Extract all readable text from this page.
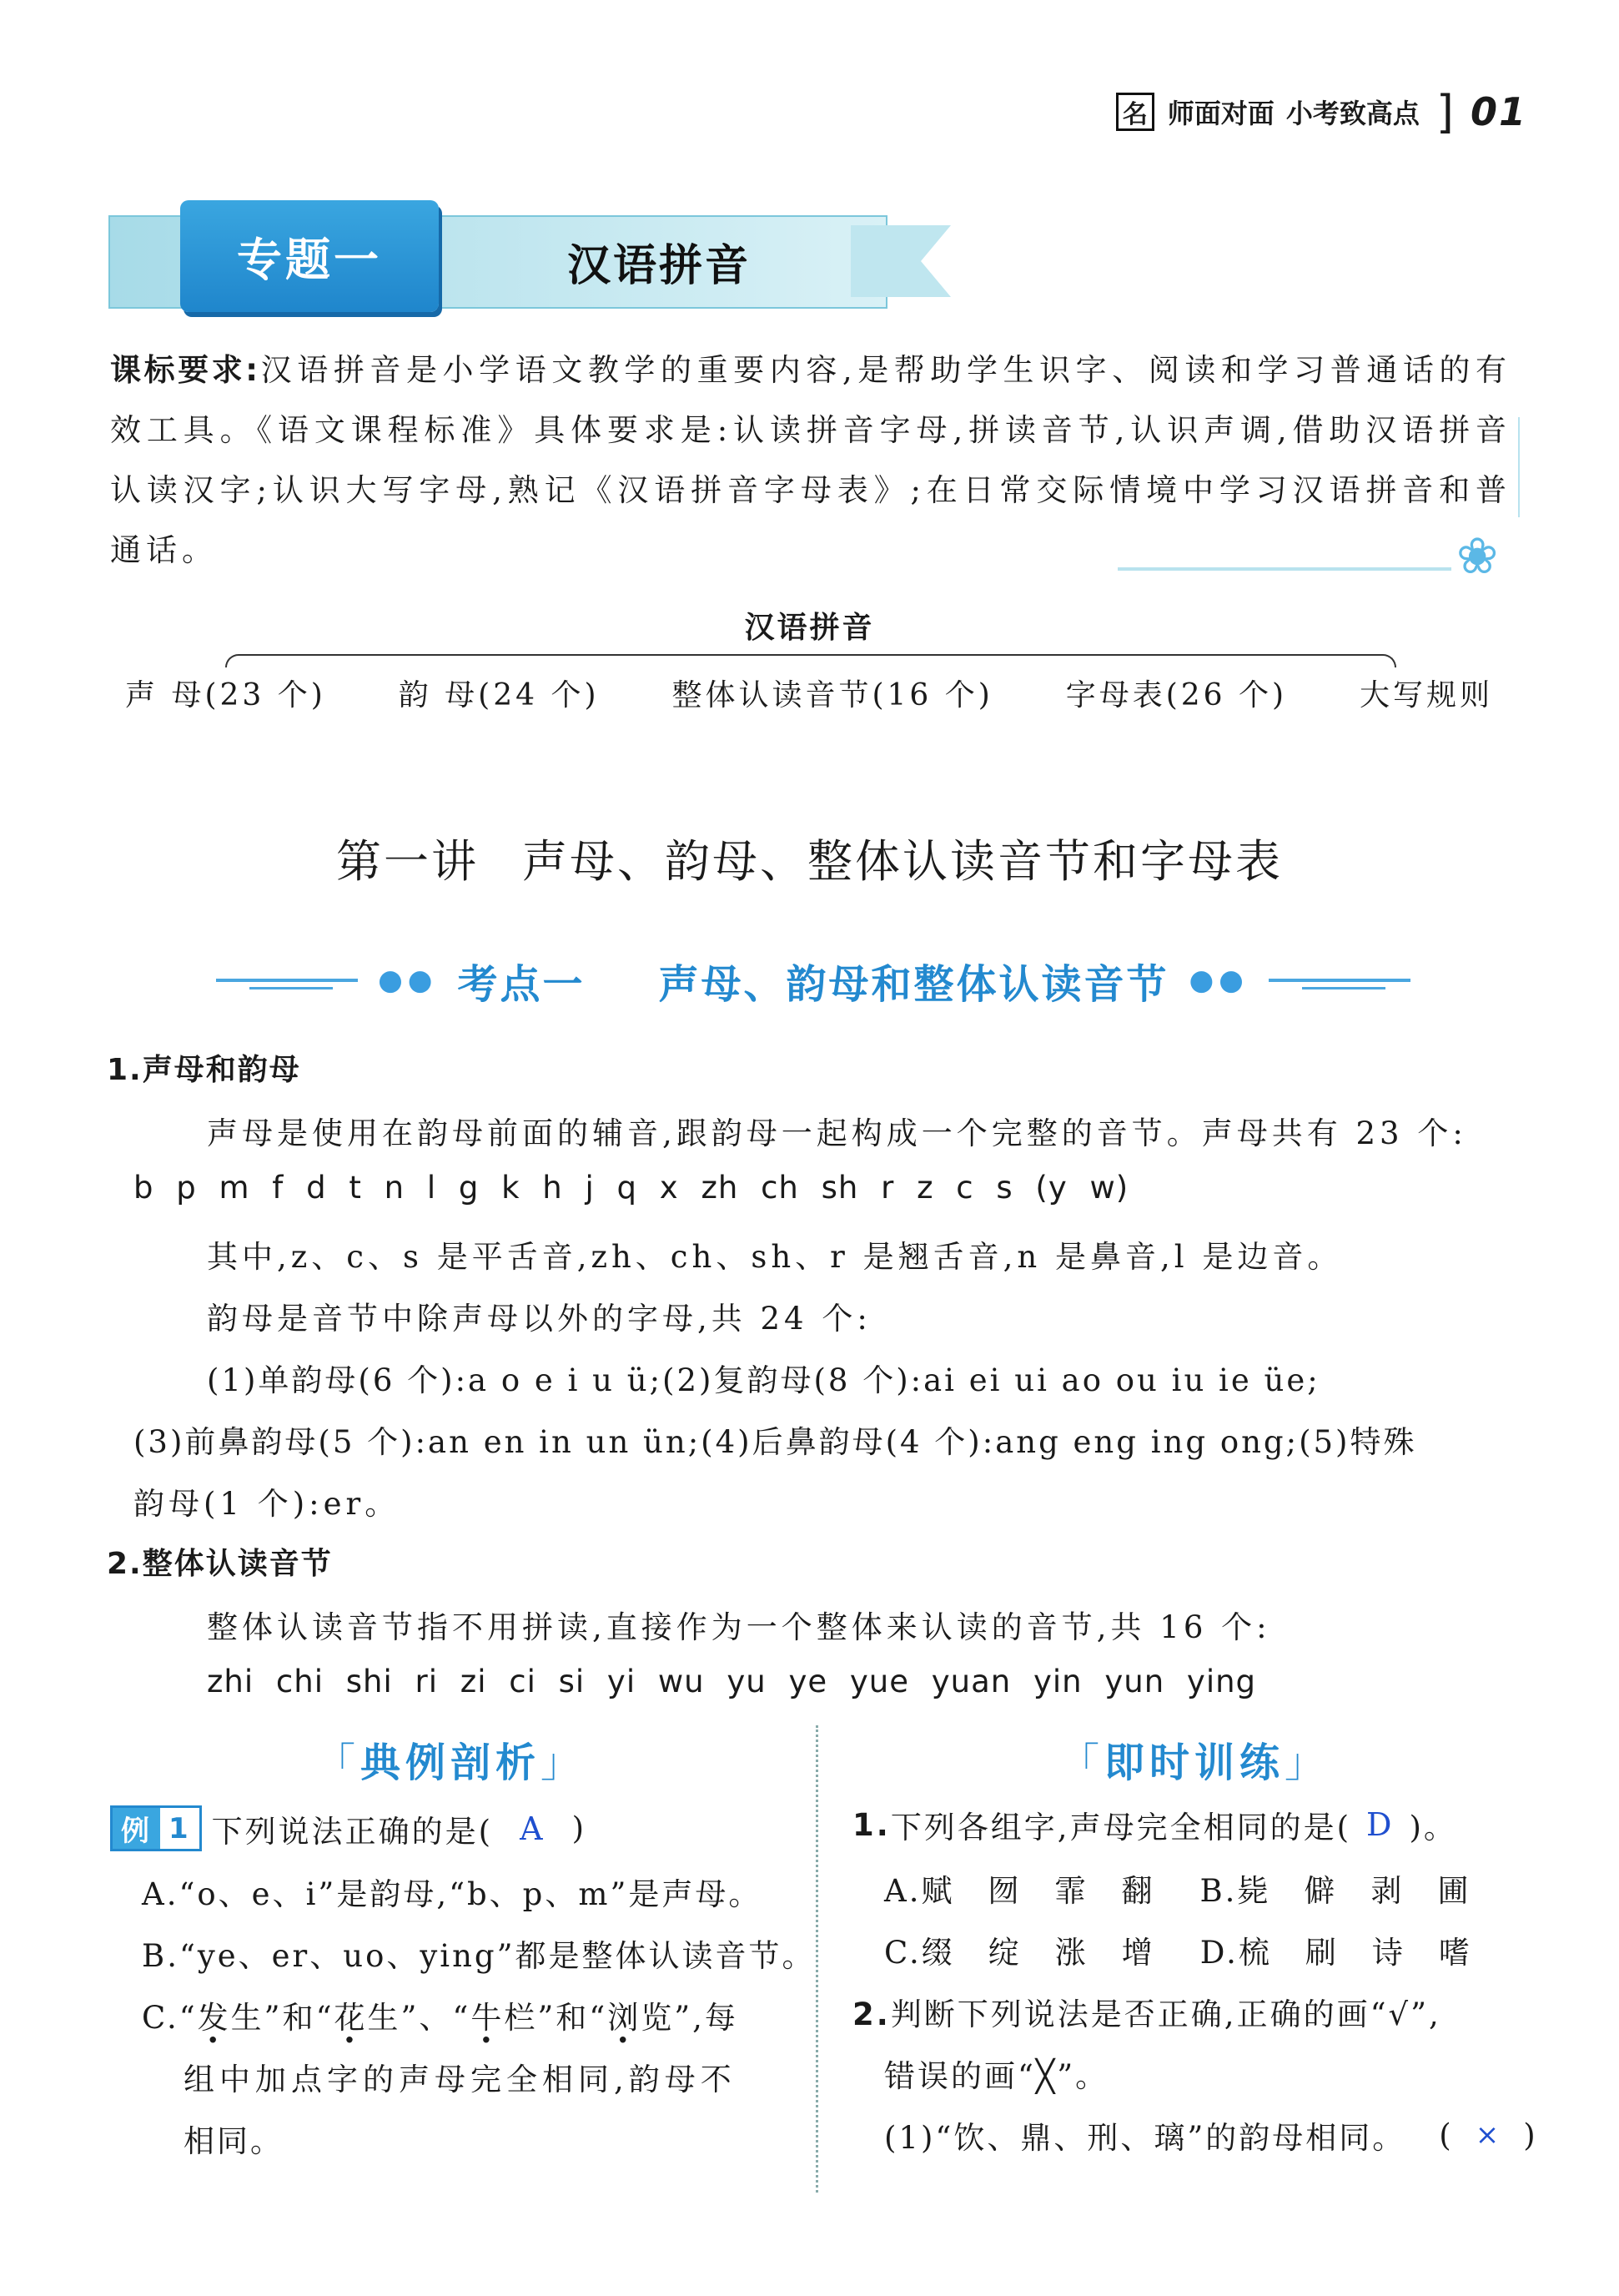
名 师面对面 小考致高点 ] 01
专题一	汉语拼音
课标要求:汉语拼音是小学语文教学的重要内容,是帮助学生识字、阅读和学习普通话的有效工具。《语文课程标准》具体要求是:认读拼音字母,拼读音节,认识声调,借助汉语拼音认读汉字;认识大写字母,熟记《汉语拼音字母表》;在日常交际情境中学习汉语拼音和普通话。	❀
汉语拼音
声 母(23 个) 韵 母(24 个) 整体认读音节(16 个) 字母表(26 个) 大写规则
第一讲 声母、韵母、整体认读音节和字母表
●● 考点一 声母、韵母和整体认读音节 ●●
1.声母和韵母
声母是使用在韵母前面的辅音,跟韵母一起构成一个完整的音节。声母共有 23 个:
b p m f d t n l g k h j q x zh ch sh r z c s (y w)
其中,z、c、s 是平舌音,zh、ch、sh、r 是翘舌音,n 是鼻音,l 是边音。
韵母是音节中除声母以外的字母,共 24 个:
(1)单韵母(6 个):a o e i u ü;(2)复韵母(8 个):ai ei ui ao ou iu ie üe;
(3)前鼻韵母(5 个):an en in un ün;(4)后鼻韵母(4 个):ang eng ing ong;(5)特殊
韵母(1 个):er。
2.整体认读音节
整体认读音节指不用拼读,直接作为一个整体来认读的音节,共 16 个:
zhi chi shi ri zi ci si yi wu yu ye yue yuan yin yun ying
「典例剖析」
例 1 下列说法正确的是( A )
A.“o、e、i”是韵母,“b、p、m”是声母。
B.“ye、er、uo、ying”都是整体认读音节。
C.“发生”和“花生”、“牛栏”和“浏览”,每
组中加点字的声母完全相同,韵母不
相同。
「即时训练」
1. 下列各组字,声母完全相同的是( D )。
A.赋 囫 霏 翻 B.毙 僻 剥 圃
C.缀 绽 涨 增 D.梳 刷 诗 嗜
2.判断下列说法是否正确,正确的画“√”,
错误的画“╳”。
(1)“饮、鼎、刑、璃”的韵母相同。 ( × )
